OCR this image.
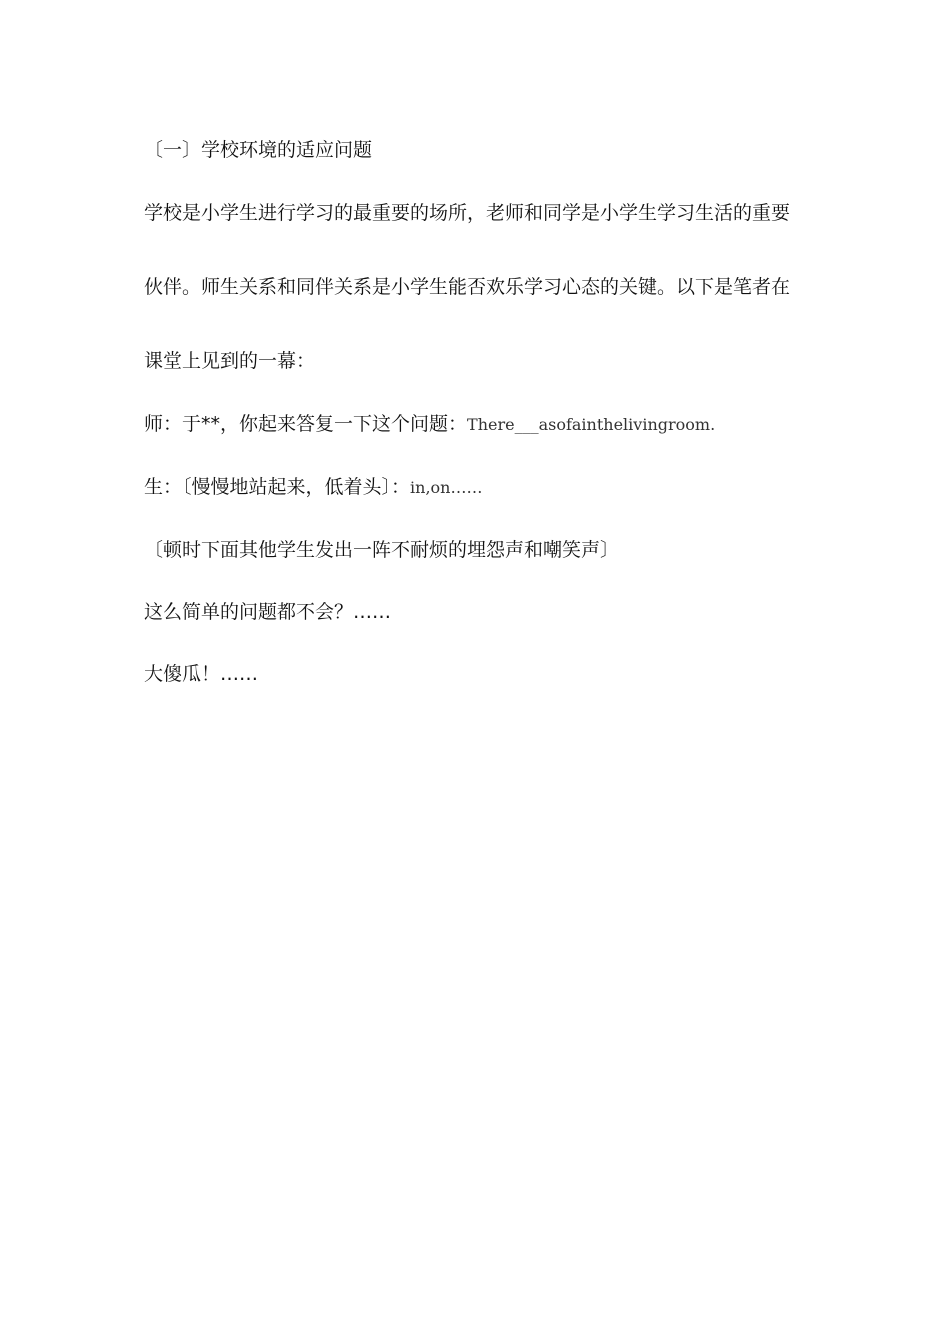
〔一〕学校环境的适应问题
学校是小学生进行学习的最重要的场所，老师和同学是小学生学习生活的重要
伙伴。师生关系和同伴关系是小学生能否欢乐学习心态的关键。以下是笔者在
课堂上见到的一幕：
师：于**，你起来答复一下这个问题：There___asofainthelivingroom.
生：〔慢慢地站起来，低着头〕：in,on……
〔顿时下面其他学生发出一阵不耐烦的埋怨声和嘲笑声〕
这么简单的问题都不会？……
大傻瓜！……
